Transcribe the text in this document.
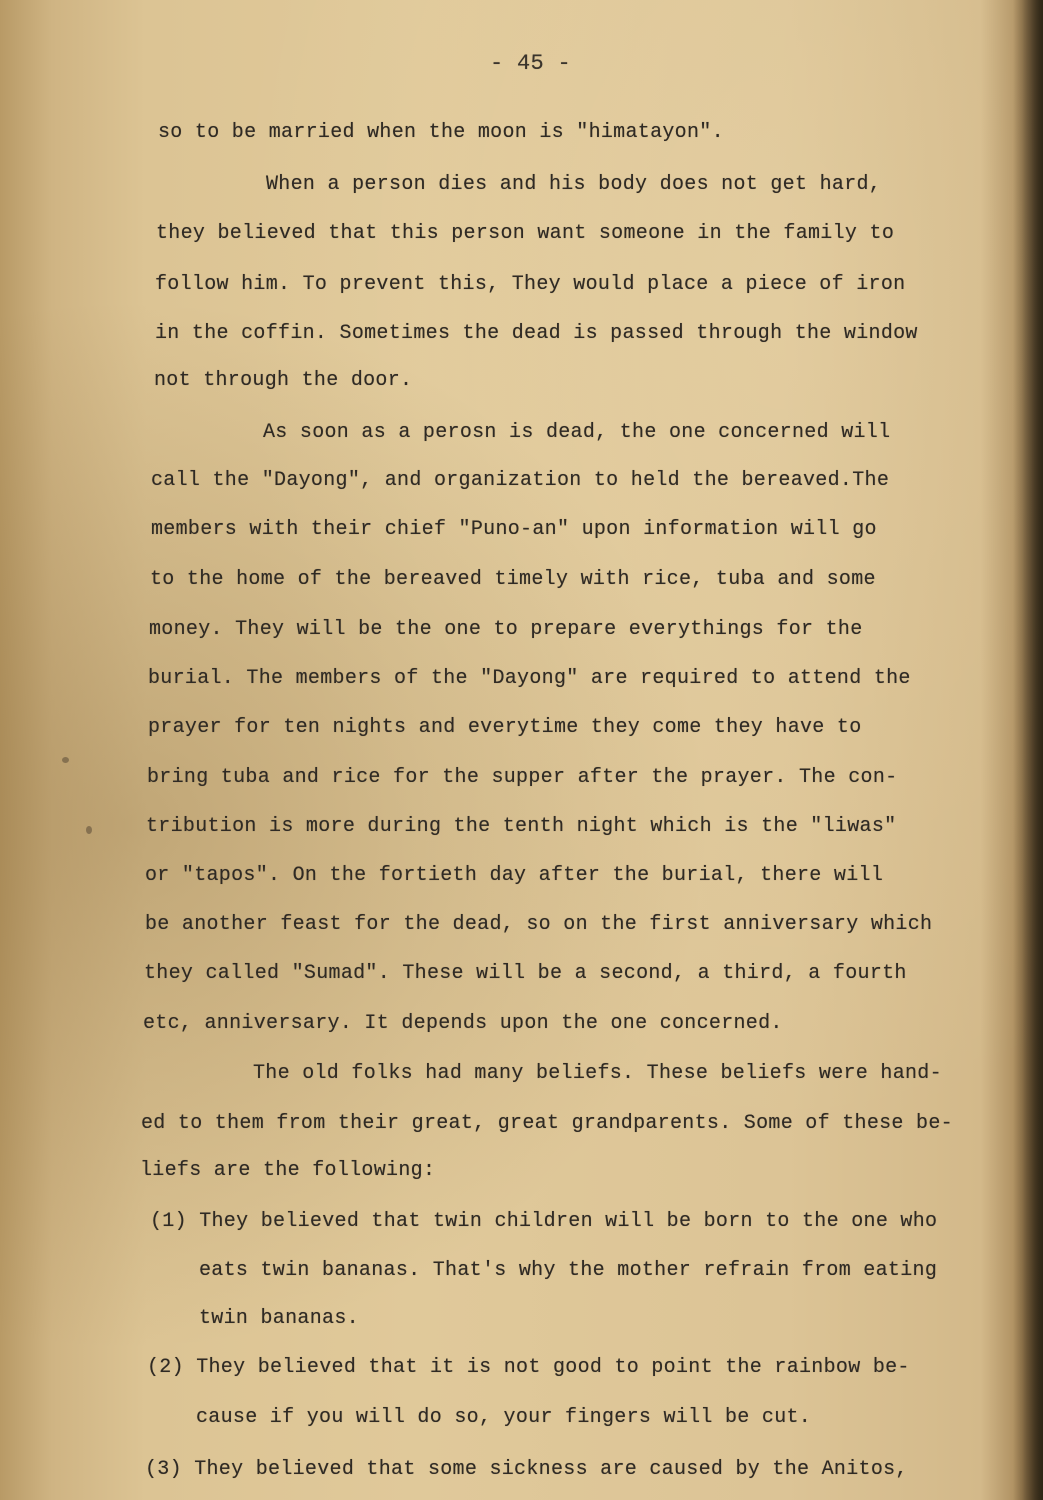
- 45 -

so to be married when the moon is "himatayon".

When a person dies and his body does not get hard,

they believed that this person want someone in the family to

follow him. To prevent this, They would place a piece of iron

in the coffin. Sometimes the dead is passed through the window

not through the door.

As soon as a perosn is dead, the one concerned will

call the "Dayong", and organization to held the bereaved.The

members with their chief "Puno-an" upon information will go

to the home of the bereaved timely with rice, tuba and some

money. They will be the one to prepare everythings for the

burial. The members of the "Dayong" are required to attend the

prayer for ten nights and everytime they come they have to

bring tuba and rice for the supper after the prayer. The con-

tribution is more during the tenth night which is the "liwas"

or "tapos". On the fortieth day after the burial, there will

be another feast for the dead, so on the first anniversary which

they called "Sumad". These will be a second, a third, a fourth

etc, anniversary. It depends upon the one concerned.

The old folks had many beliefs. These beliefs were hand-

ed to them from their great, great grandparents. Some of these be-

liefs are the following:

(1) They believed that twin children will be born to the one who

eats twin bananas. That's why the mother refrain from eating

twin bananas.

(2) They believed that it is not good to point the rainbow be-

cause if you will do so, your fingers will be cut.

(3) They believed that some sickness are caused by the Anitos,
